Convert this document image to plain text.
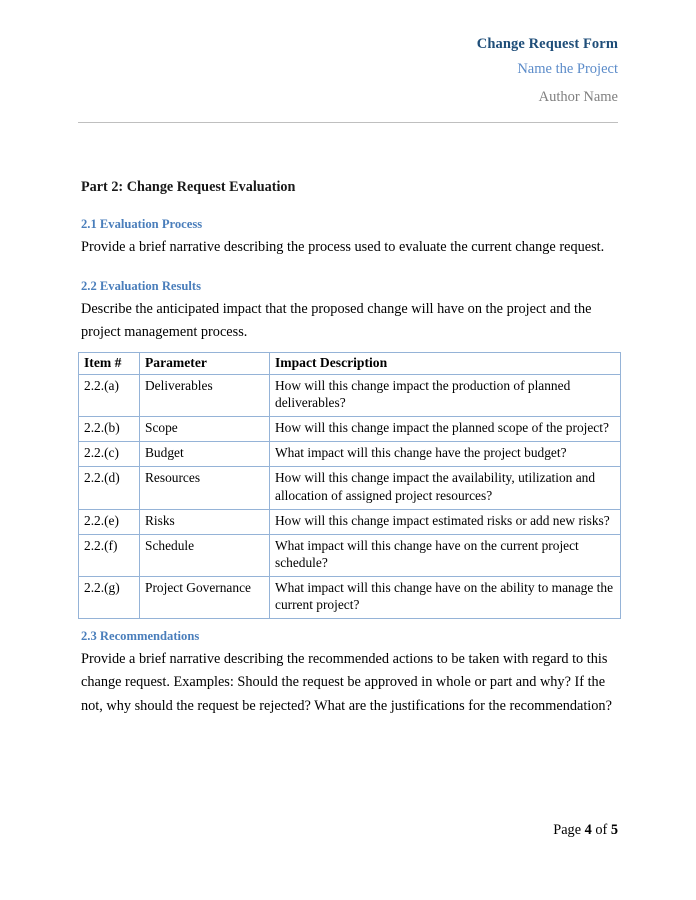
Change Request Form
Name the Project
Author Name
Part 2: Change Request Evaluation
2.1 Evaluation Process

Provide a brief narrative describing the process used to evaluate the current change request.

2.2 Evaluation Results

Describe the anticipated impact that the proposed change will have on the project and the project management process.

Item #	Parameter	Impact Description
2.2.(a)	Deliverables	How will this change impact the production of planned deliverables?
2.2.(b)	Scope	How will this change impact the planned scope of the project?
2.2.(c)	Budget	What impact will this change have the project budget?
2.2.(d)	Resources	How will this change impact the availability, utilization and allocation of assigned project resources?
2.2.(e)	Risks	How will this change impact estimated risks or add new risks?
2.2.(f)	Schedule	What impact will this change have on the current project schedule?
2.2.(g)	Project Governance	What impact will this change have on the ability to manage the current project?
2.3 Recommendations

Provide a brief narrative describing the recommended actions to be taken with regard to this change request. Examples: Should the request be approved in whole or part and why? If the not, why should the request be rejected? What are the justifications for the recommendation?

Page 4 of 5
